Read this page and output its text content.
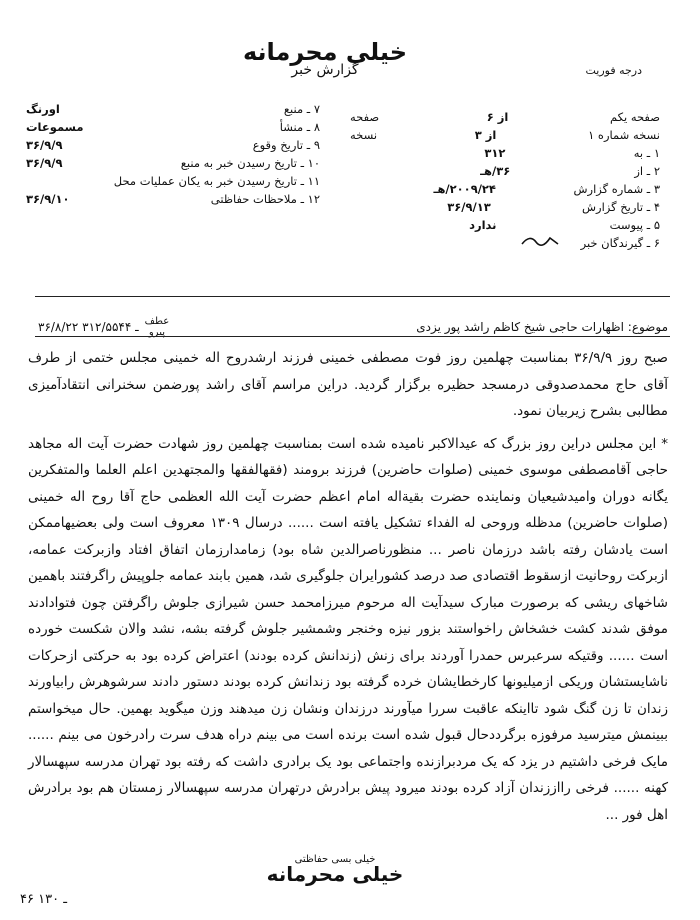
خیلی محرمانه
گزارش خبر	درجه فوریت
صفحه یکم
از ۶
صفحه
نسخه شماره ۱
از ۳
نسخه
۱ ـ به
۳۱۲
۲ ـ از
۳۶/هـ
۳ ـ شماره گزارش
۲۰۰۹/۲۴/هـ
۴ ـ تاریخ گزارش
۳۶/۹/۱۳
۵ ـ پیوست
ندارد
۶ ـ گیرندگان خبر
۷ ـ منبع
اورنگ
۸ ـ منشأ
مسموعات
۹ ـ تاریخ وقوع
۳۶/۹/۹
۱۰ ـ تاریخ رسیدن خبر به منبع
۳۶/۹/۹
۱۱ ـ تاریخ رسیدن خبر به یکان عملیات محل
۱۲ ـ ملاحظات حفاظتی
۳۶/۹/۱۰
موضوع: اظهارات حاجی شیخ کاظم راشد پور یزدی
۳۶/۸/۲۲ ـ ۳۱۲/۵۵۴۴ عطف
پیرو

صبح روز ۳۶/۹/۹ بمناسبت چهلمین روز فوت مصطفی خمینی فرزند ارشدروح اله خمینی مجلس ختمی از طرف آقای حاج محمدصدوقی درمسجد حظیره برگزار گردید. دراین مراسم آقای راشد پورضمن سخنرانی انتقادآمیزی مطالبی بشرح زیربیان نمود.

* این مجلس دراین روز بزرگ که عیدالاکبر نامیده شده است بمناسبت چهلمین روز شهادت حضرت آیت اله مجاهد حاجی آقامصطفی موسوی خمینی (صلوات حاضرین) فرزند برومند (فقهالفقها والمجتهدین اعلم العلما والمتفکرین یگانه دوران وامیدشیعیان ونماینده حضرت بقیةاله امام اعظم حضرت آیت الله العظمی حاج آقا روح اله خمینی (صلوات حاضرین) مدظله وروحی له الفداء تشکیل یافته است ...... درسال ۱۳۰۹ معروف است ولی بعضیهاممکن است یادشان رفته باشد درزمان ناصر ... منظورناصرالدین شاه بود) زمامدارزمان اتفاق افتاد وازبرکت عمامه، ازبرکت روحانیت ازسقوط اقتصادی صد درصد کشورایران جلوگیری شد، همین بابند عمامه جلوپیش راگرفتند باهمین شاخهای ریشی که برصورت مبارک سیدآیت اله مرحوم میرزامحمد حسن شیرازی جلوش راگرفتن چون فتوادادند موفق شدند کشت خشخاش راخواستند بزور نیزه وخنجر وشمشیر جلوش گرفته بشه، نشد والان شکست خورده است ...... وقتیکه سرعبرس حمدرا آوردند برای زنش (زندانش کرده بودند) اعتراض کرده بود به حرکتی ازحرکات ناشایستشان وریکی ازمیلیونها کارخطایشان خرده گرفته بود زندانش کرده بودند دستور دادند سرشوهرش رابیاورند زندان تا زن گنگ شود تااینکه عاقبت سررا میآورند درزندان ونشان زن میدهند وزن میگوید بهمین. حال میخواستم ببینمش میترسید مرفوزه برگرددحال قبول شده است برنده است می بینم دراه هدف سرت رادرخون می بینم ...... مایک فرخی داشتیم در یزد که یک مردبرازنده واجتماعی بود یک برادری داشت که رفته بود تهران مدرسه سپهسالار کهنه ...... فرخی رااززندان آزاد کرده بودند میرود پیش برادرش درتهران مدرسه سپهسالار زمستان هم بود برادرش اهل فور ...

خیلی بسی حفاظتی
خیلی محرمانه
۴۶ ـ ۱۳۰
